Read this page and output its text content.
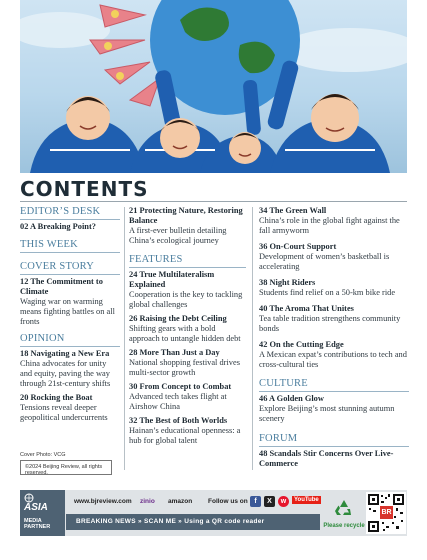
CONTENTS
EDITOR’S DESK
02 A Breaking Point?
THIS WEEK
COVER STORY
12 The Commitment to Climate
Waging war on warming means fighting battles on all fronts
OPINION
18 Navigating a New Era
China advocates for unity and equity, paving the way through 21st-century shifts
20 Rocking the Boat
Tensions reveal deeper geopolitical undercurrents
21 Protecting Nature, Restoring Balance
A first-ever bulletin detailing China’s ecological journey
FEATURES
24 True Multilateralism Explained
Cooperation is the key to tackling global challenges
26 Raising the Debt Ceiling
Shifting gears with a bold approach to untangle hidden debt
28 More Than Just a Day
National shopping festival drives multi-sector growth
30 From Concept to Combat
Advanced tech takes flight at Airshow China
32 The Best of Both Worlds
Hainan’s educational openness: a hub for global talent
34 The Green Wall
China’s role in the global fight against the fall armyworm
36 On-Court Support
Development of women’s basketball is accelerating
38 Night Riders
Students find relief on a 50-km bike ride
40 The Aroma That Unites
Tea table tradition strengthens community bonds
42 On the Cutting Edge
A Mexican expat’s contributions to tech and cross-cultural ties
CULTURE
46 A Golden Glow
Explore Beijing’s most stunning autumn scenery
FORUM
48 Scandals Stir Concerns Over Live-Commerce
Cover Photo: VCG
©2024 Beijing Review, all rights reserved.
ASIA
MEDIA PARTNER
www.bjreview.com zinio amazon Follow us on f	X	w	YouTube
BREAKING NEWS » SCAN ME » Using a QR code reader
Please recycle
BR
